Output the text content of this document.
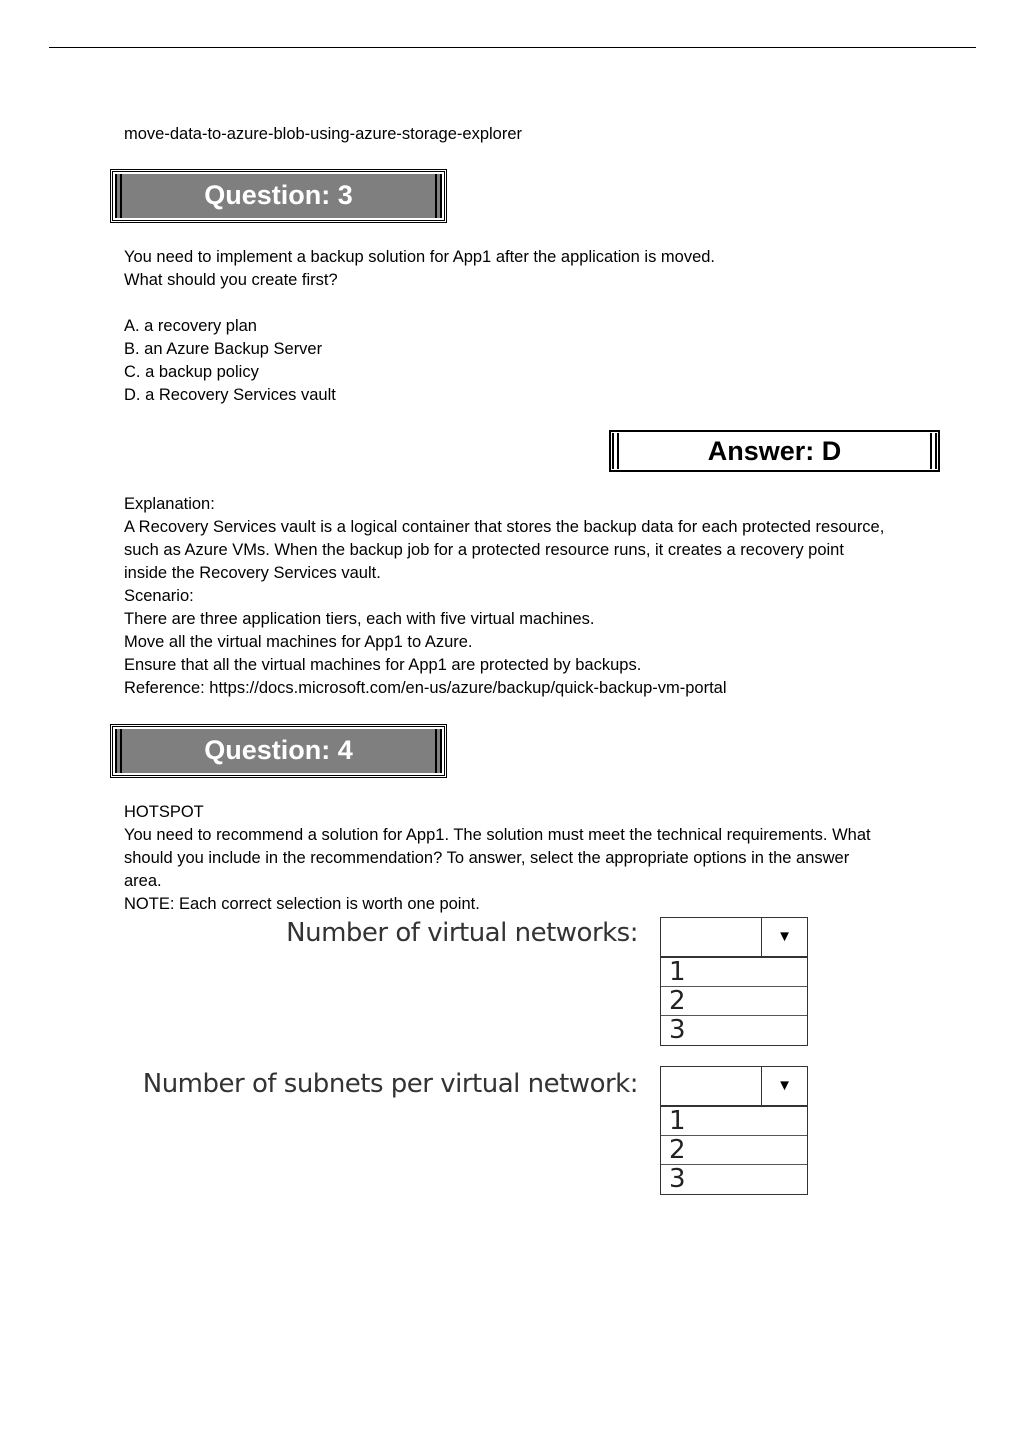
move-data-to-azure-blob-using-azure-storage-explorer
Question: 3
You need to implement a backup solution for App1 after the application is moved.
What should you create first?
A. a recovery plan
B. an Azure Backup Server
C. a backup policy
D. a Recovery Services vault
Answer: D
Explanation:
A Recovery Services vault is a logical container that stores the backup data for each protected resource,
such as Azure VMs. When the backup job for a protected resource runs, it creates a recovery point
inside the Recovery Services vault.
Scenario:
There are three application tiers, each with five virtual machines.
Move all the virtual machines for App1 to Azure.
Ensure that all the virtual machines for App1 are protected by backups.
Reference: https://docs.microsoft.com/en-us/azure/backup/quick-backup-vm-portal
Question: 4
HOTSPOT
You need to recommend a solution for App1. The solution must meet the technical requirements. What
should you include in the recommendation? To answer, select the appropriate options in the answer
area.
NOTE: Each correct selection is worth one point.
Number of virtual networks:	▼
1
2
3
Number of subnets per virtual network:	▼
1
2
3
